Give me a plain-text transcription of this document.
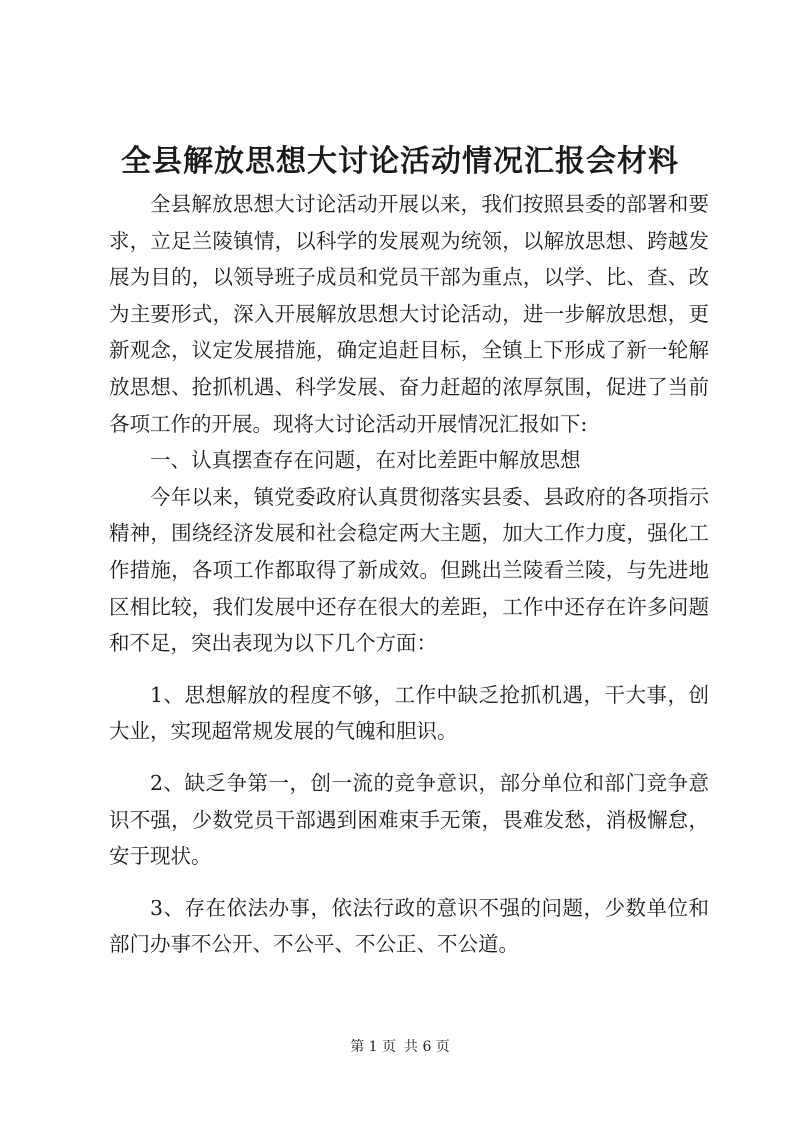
全县解放思想大讨论活动情况汇报会材料

全县解放思想大讨论活动开展以来，我们按照县委的部署和要求，立足兰陵镇情，以科学的发展观为统领，以解放思想、跨越发展为目的，以领导班子成员和党员干部为重点，以学、比、查、改为主要形式，深入开展解放思想大讨论活动，进一步解放思想，更新观念，议定发展措施，确定追赶目标，全镇上下形成了新一轮解放思想、抢抓机遇、科学发展、奋力赶超的浓厚氛围，促进了当前各项工作的开展。现将大讨论活动开展情况汇报如下:

一、认真摆查存在问题，在对比差距中解放思想

今年以来，镇党委政府认真贯彻落实县委、县政府的各项指示精神，围绕经济发展和社会稳定两大主题，加大工作力度，强化工作措施，各项工作都取得了新成效。但跳出兰陵看兰陵，与先进地区相比较，我们发展中还存在很大的差距，工作中还存在许多问题和不足，突出表现为以下几个方面：

1、思想解放的程度不够，工作中缺乏抢抓机遇，干大事，创大业，实现超常规发展的气魄和胆识。

2、缺乏争第一，创一流的竞争意识，部分单位和部门竞争意识不强，少数党员干部遇到困难束手无策，畏难发愁，消极懈怠，安于现状。

3、存在依法办事，依法行政的意识不强的问题，少数单位和部门办事不公开、不公平、不公正、不公道。

第 1 页 共 6 页
